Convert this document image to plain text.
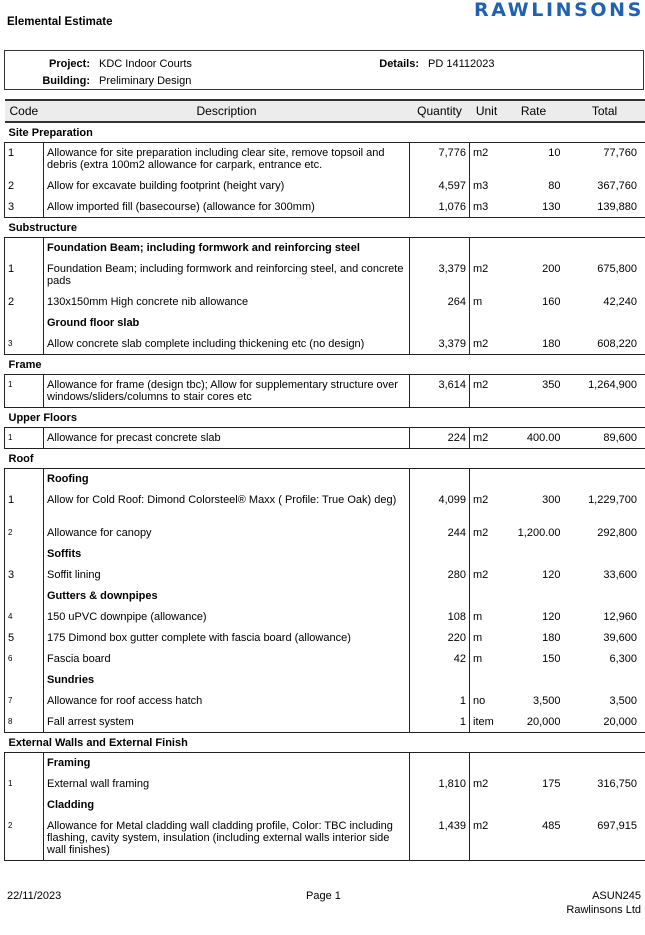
Elemental Estimate
RAWLINSONS
Project: KDC Indoor Courts
Building: Preliminary Design
Details: PD 14112023
Code	Description	Quantity	Unit	Rate	Total
Site Preparation					
1	Allowance for site preparation including clear site, remove topsoil and debris (extra 100m2 allowance for carpark, entrance etc.	7,776	m2	10	77,760
2	Allow for excavate building footprint (height vary)	4,597	m3	80	367,760
3	Allow imported fill (basecourse) (allowance for 300mm)	1,076	m3	130	139,880
Substructure					
	Foundation Beam; including formwork and reinforcing steel				
1	Foundation Beam; including formwork and reinforcing steel, and concrete pads	3,379	m2	200	675,800
2	130x150mm High concrete nib allowance	264	m	160	42,240
	Ground floor slab				
3	Allow concrete slab complete including thickening etc (no design)	3,379	m2	180	608,220
Frame					
1	Allowance for frame (design tbc); Allow for supplementary structure over windows/sliders/columns to stair cores etc	3,614	m2	350	1,264,900
Upper Floors					
1	Allowance for precast concrete slab	224	m2	400.00	89,600
Roof					
	Roofing				
1	Allow for Cold Roof: Dimond Colorsteel® Maxx ( Profile: True Oak) deg)	4,099	m2	300	1,229,700
2	Allowance for canopy	244	m2	1,200.00	292,800
	Soffits				
3	Soffit lining	280	m2	120	33,600
	Gutters & downpipes				
4	150 uPVC downpipe (allowance)	108	m	120	12,960
5	175 Dimond box gutter complete with fascia board (allowance)	220	m	180	39,600
6	Fascia board	42	m	150	6,300
	Sundries				
7	Allowance for roof access hatch	1	no	3,500	3,500
8	Fall arrest system	1	item	20,000	20,000
External Walls and External Finish					
	Framing				
1	External wall framing	1,810	m2	175	316,750
	Cladding				
2	Allowance for Metal cladding wall cladding profile, Color: TBC including flashing, cavity system, insulation (including external walls interior side wall finishes)	1,439	m2	485	697,915
22/11/2023	Page 1	ASUN245
Rawlinsons Ltd
